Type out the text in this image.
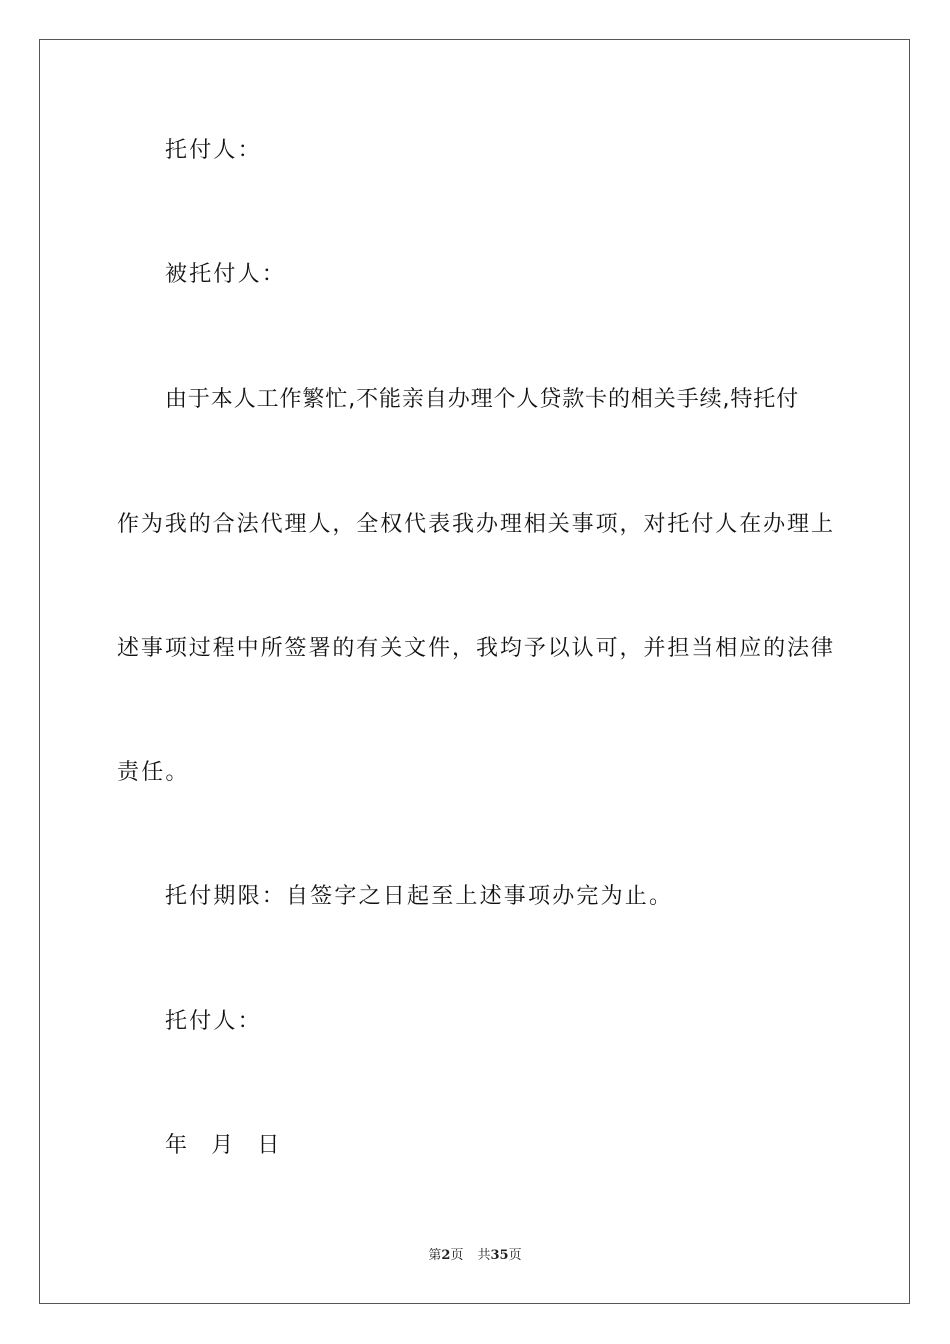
托付人：
被托付人：
由于本人工作繁忙,不能亲自办理个人贷款卡的相关手续,特托付
作为我的合法代理人，全权代表我办理相关事项，对托付人在办理上
述事项过程中所签署的有关文件，我均予以认可，并担当相应的法律
责任。
托付期限：自签字之日起至上述事项办完为止。
托付人：
年 月 日
第2页 共35页
